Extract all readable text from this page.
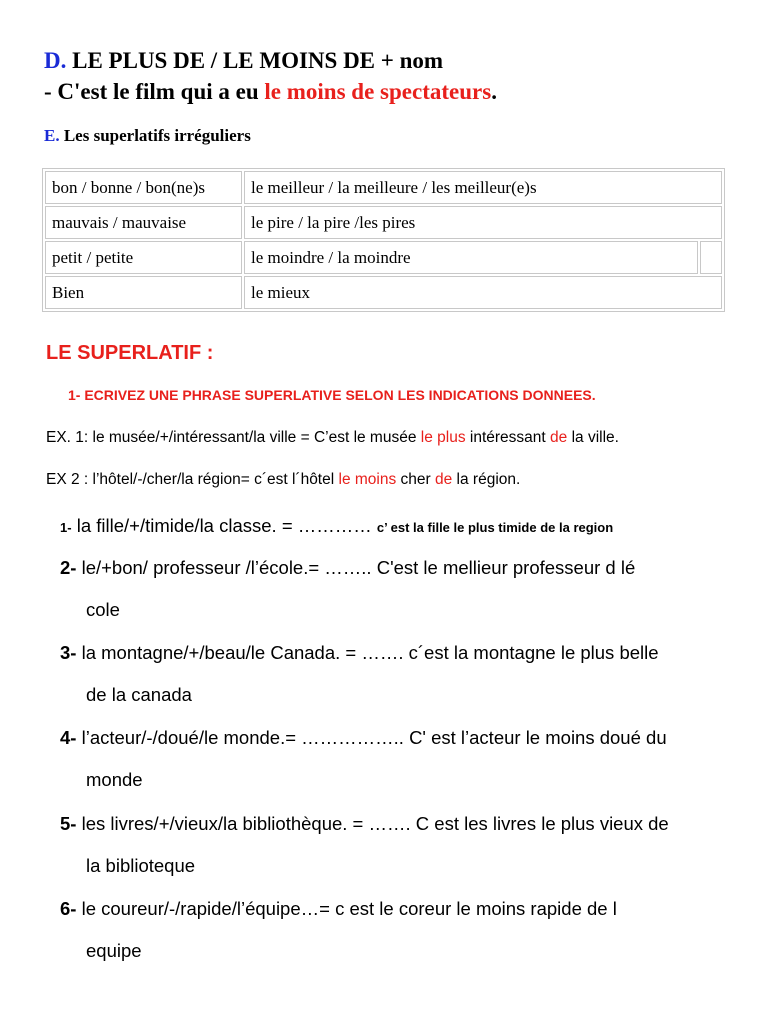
D. LE PLUS DE / LE MOINS DE + nom
- C'est le film qui a eu le moins de spectateurs.
E. Les superlatifs irréguliers
bon / bonne / bon(ne)s	le meilleur / la meilleure / les meilleur(e)s	
mauvais / mauvaise	le pire / la pire /les pires	
petit / petite	le moindre / la moindre	
Bien	le mieux	
LE SUPERLATIF :
1- ECRIVEZ UNE PHRASE SUPERLATIVE SELON LES INDICATIONS DONNEES.
EX. 1: le musée/+/intéressant/la ville = C’est le musée le plus intéressant de la ville.
EX 2 : l’hôtel/-/cher/la région= c´est l´hôtel le moins cher de la région.
1- la fille/+/timide/la classe. = ………… c’ est la fille le plus timide de la region
2- le/+bon/ professeur /l’école.= …….. C'est le mellieur professeur d lé
cole
3- la montagne/+/beau/le Canada. = ……. c´est la montagne le plus belle
de la canada
4- l’acteur/-/doué/le monde.= …………….. C' est l’acteur le moins doué du
monde
5- les livres/+/vieux/la bibliothèque. = ……. C est les livres le plus vieux de
la biblioteque
6- le coureur/-/rapide/l’équipe…= c est le coreur le moins rapide de l
equipe
